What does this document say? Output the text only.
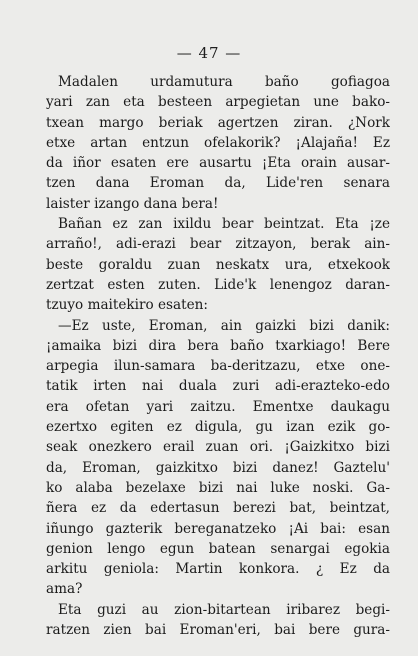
— 47 —
Madalen urdamutura baño gofiagoa
yari zan eta besteen arpegietan une bako-
txean margo beriak agertzen ziran. ¿Nork
etxe artan entzun ofelakorik? ¡Alajaña! Ez
da iñor esaten ere ausartu ¡Eta orain ausar-
tzen dana Eroman da, Lide'ren senara
laister izango dana bera!
Bañan ez zan ixildu bear beintzat. Eta ¡ze
arraño!, adi-erazi bear zitzayon, berak ain-
beste goraldu zuan neskatx ura, etxekook
zertzat esten zuten. Lide'k lenengoz daran-
tzuyo maitekiro esaten:
—Ez uste, Eroman, ain gaizki bizi danik:
¡amaika bizi dira bera baño txarkiago! Bere
arpegia ilun-samara ba-deritzazu, etxe one-
tatik irten nai duala zuri adi-erazteko-edo
era ofetan yari zaitzu. Ementxe daukagu
ezertxo egiten ez digula, gu izan ezik go-
seak onezkero erail zuan ori. ¡Gaizkitxo bizi
da, Eroman, gaizkitxo bizi danez! Gaztelu'
ko alaba bezelaxe bizi nai luke noski. Ga-
ñera ez da edertasun berezi bat, beintzat,
iñungo gazterik bereganatzeko ¡Ai bai: esan
genion lengo egun batean senargai egokia
arkitu geniola: Martin konkora. ¿ Ez da
ama?
Eta guzi au zion-bitartean iribarez begi-
ratzen zien bai Eroman'eri, bai bere gura-
